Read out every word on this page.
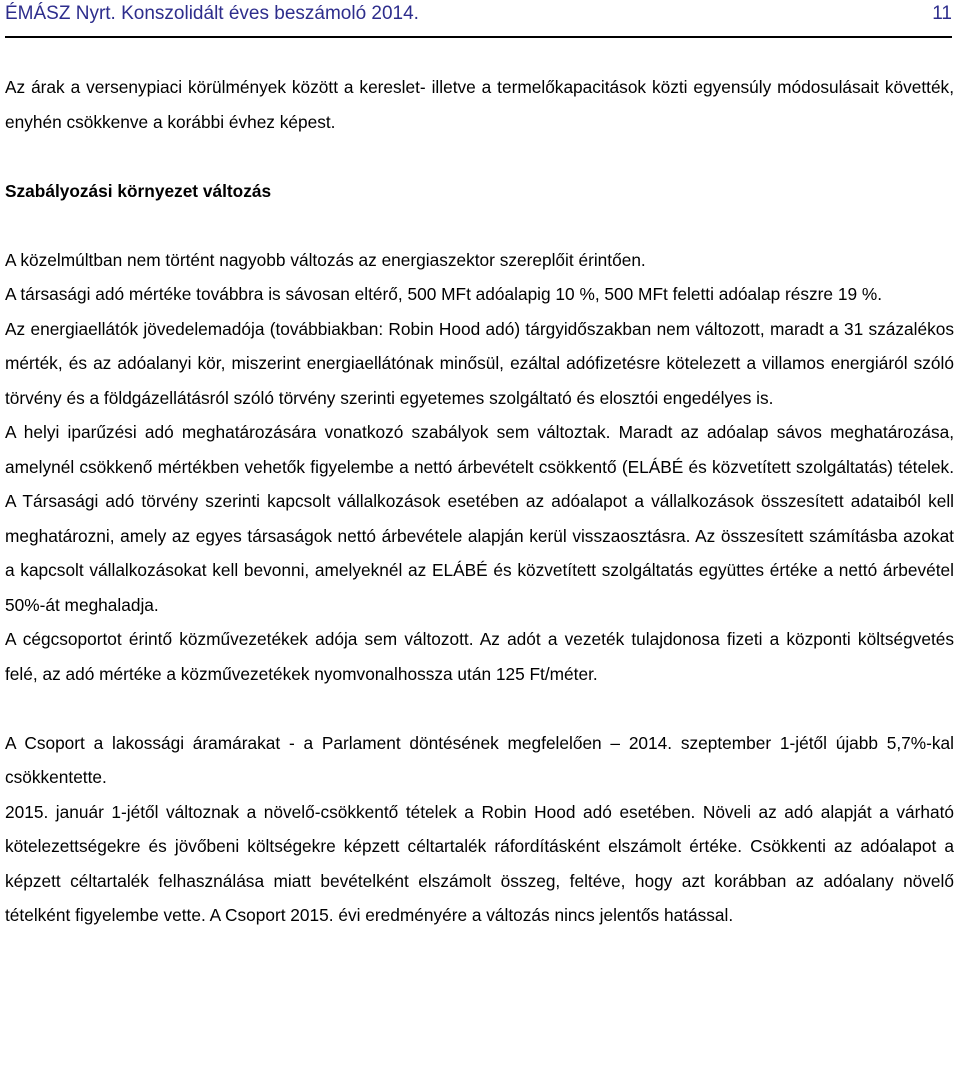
ÉMÁSZ Nyrt. Konszolidált éves beszámoló 2014.	11

Az árak a versenypiaci körülmények között a kereslet- illetve a termelőkapacitások közti egyensúly módosulásait követték, enyhén csökkenve a korábbi évhez képest.

Szabályozási környezet változás

A közelmúltban nem történt nagyobb változás az energiaszektor szereplőit érintően.

A társasági adó mértéke továbbra is sávosan eltérő, 500 MFt adóalapig 10 %, 500 MFt feletti adóalap részre 19 %.

Az energiaellátók jövedelemadója (továbbiakban: Robin Hood adó) tárgyidőszakban nem változott, maradt a 31 százalékos mérték, és az adóalanyi kör, miszerint energiaellátónak minősül, ezáltal adófizetésre kötelezett a villamos energiáról szóló törvény és a földgázellátásról szóló törvény szerinti egyetemes szolgáltató és elosztói engedélyes is.

A helyi iparűzési adó meghatározására vonatkozó szabályok sem változtak. Maradt az adóalap sávos meghatározása, amelynél csökkenő mértékben vehetők figyelembe a nettó árbevételt csökkentő (ELÁBÉ és közvetített szolgáltatás) tételek. A Társasági adó törvény szerinti kapcsolt vállalkozások esetében az adóalapot a vállalkozások összesített adataiból kell meghatározni, amely az egyes társaságok nettó árbevétele alapján kerül visszaosztásra. Az összesített számításba azokat a kapcsolt vállalkozásokat kell bevonni, amelyeknél az ELÁBÉ és közvetített szolgáltatás együttes értéke a nettó árbevétel 50%-át meghaladja.

A cégcsoportot érintő közművezetékek adója sem változott. Az adót a vezeték tulajdonosa fizeti a központi költségvetés felé, az adó mértéke a közművezetékek nyomvonalhossza után 125 Ft/méter.

A Csoport a lakossági áramárakat - a Parlament döntésének megfelelően – 2014. szeptember 1-jétől újabb 5,7%-kal csökkentette.

2015. január 1-jétől változnak a növelő-csökkentő tételek a Robin Hood adó esetében. Növeli az adó alapját a várható kötelezettségekre és jövőbeni költségekre képzett céltartalék ráfordításként elszámolt értéke. Csökkenti az adóalapot a képzett céltartalék felhasználása miatt bevételként elszámolt összeg, feltéve, hogy azt korábban az adóalany növelő tételként figyelembe vette. A Csoport 2015. évi eredményére a változás nincs jelentős hatással.
